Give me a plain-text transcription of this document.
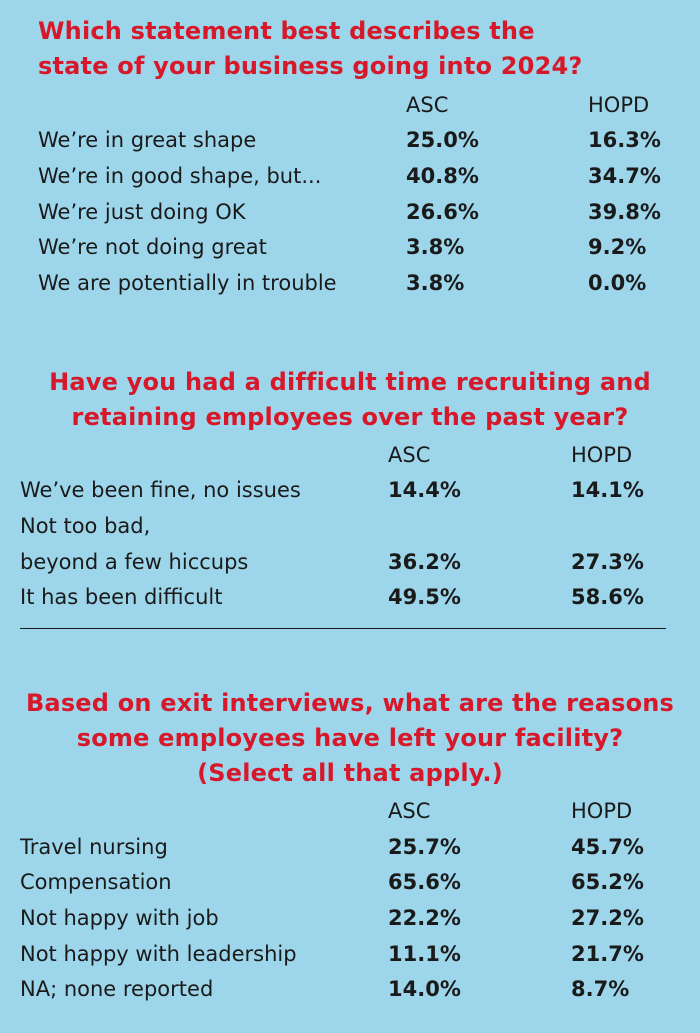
Which statement best describes the
state of your business going into 2024?
ASC	HOPD
We’re in great shape	25.0%	16.3%
We’re in good shape, but...	40.8%	34.7%
We’re just doing OK	26.6%	39.8%
We’re not doing great	3.8%	9.2%
We are potentially in trouble	3.8%	0.0%
Have you had a difficult time recruiting and
retaining employees over the past year?
ASC	HOPD
We’ve been fine, no issues	14.4%	14.1%
Not too bad,
beyond a few hiccups	36.2%	27.3%
It has been difficult	49.5%	58.6%
Based on exit interviews, what are the reasons
some employees have left your facility?
(Select all that apply.)
ASC	HOPD
Travel nursing	25.7%	45.7%
Compensation	65.6%	65.2%
Not happy with job	22.2%	27.2%
Not happy with leadership	11.1%	21.7%
NA; none reported	14.0%	8.7%
